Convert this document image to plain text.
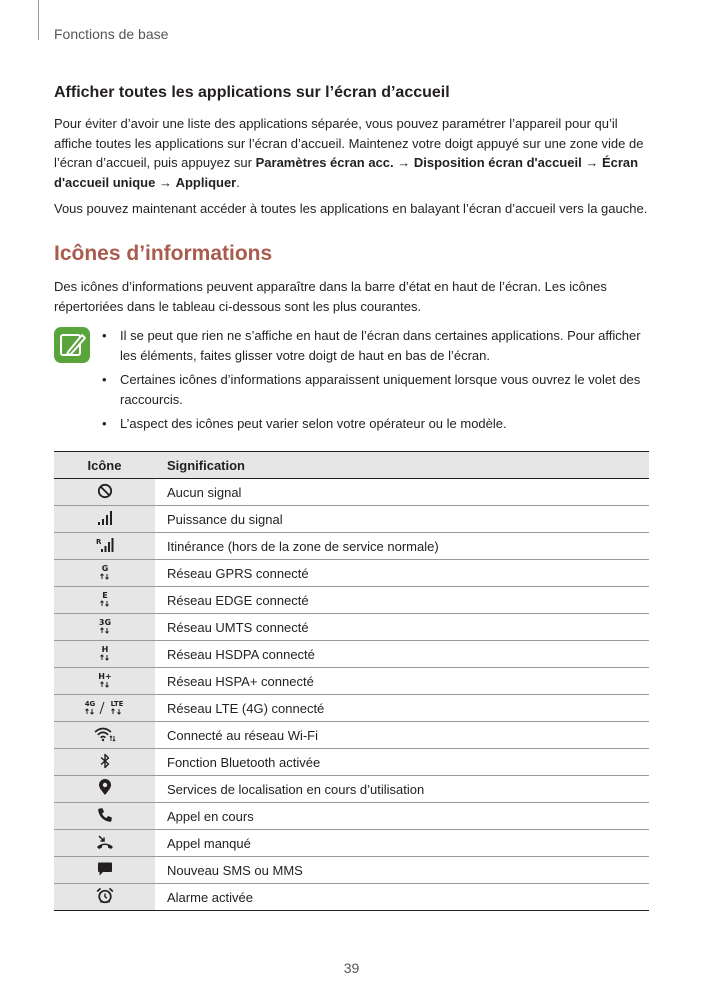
Fonctions de base
Afficher toutes les applications sur l’écran d’accueil

Pour éviter d’avoir une liste des applications séparée, vous pouvez paramétrer l’appareil pour qu’il affiche toutes les applications sur l’écran d’accueil. Maintenez votre doigt appuyé sur une zone vide de l’écran d’accueil, puis appuyez sur Paramètres écran acc. → Disposition écran d'accueil → Écran d'accueil unique → Appliquer.

Vous pouvez maintenant accéder à toutes les applications en balayant l’écran d’accueil vers la gauche.

Icônes d’informations

Des icônes d’informations peuvent apparaître dans la barre d’état en haut de l’écran. Les icônes répertoriées dans le tableau ci-dessous sont les plus courantes.

• Il se peut que rien ne s’affiche en haut de l’écran dans certaines applications. Pour afficher les éléments, faites glisser votre doigt de haut en bas de l’écran.
• Certaines icônes d’informations apparaissent uniquement lorsque vous ouvrez le volet des raccourcis.
• L’aspect des icônes peut varier selon votre opérateur ou le modèle.
Icône	Signification
	Aucun signal
	Puissance du signal

R	Itinérance (hors de la zone de service normale)

G	Réseau GPRS connecté

E	Réseau EDGE connecté

3G	Réseau UMTS connecté

H	Réseau HSDPA connecté

H+	Réseau HSPA+ connecté

4G LTE	Réseau LTE (4G) connecté
	Connecté au réseau Wi-Fi
	Fonction Bluetooth activée
	Services de localisation en cours d’utilisation
	Appel en cours
	Appel manqué
	Nouveau SMS ou MMS
	Alarme activée
39
